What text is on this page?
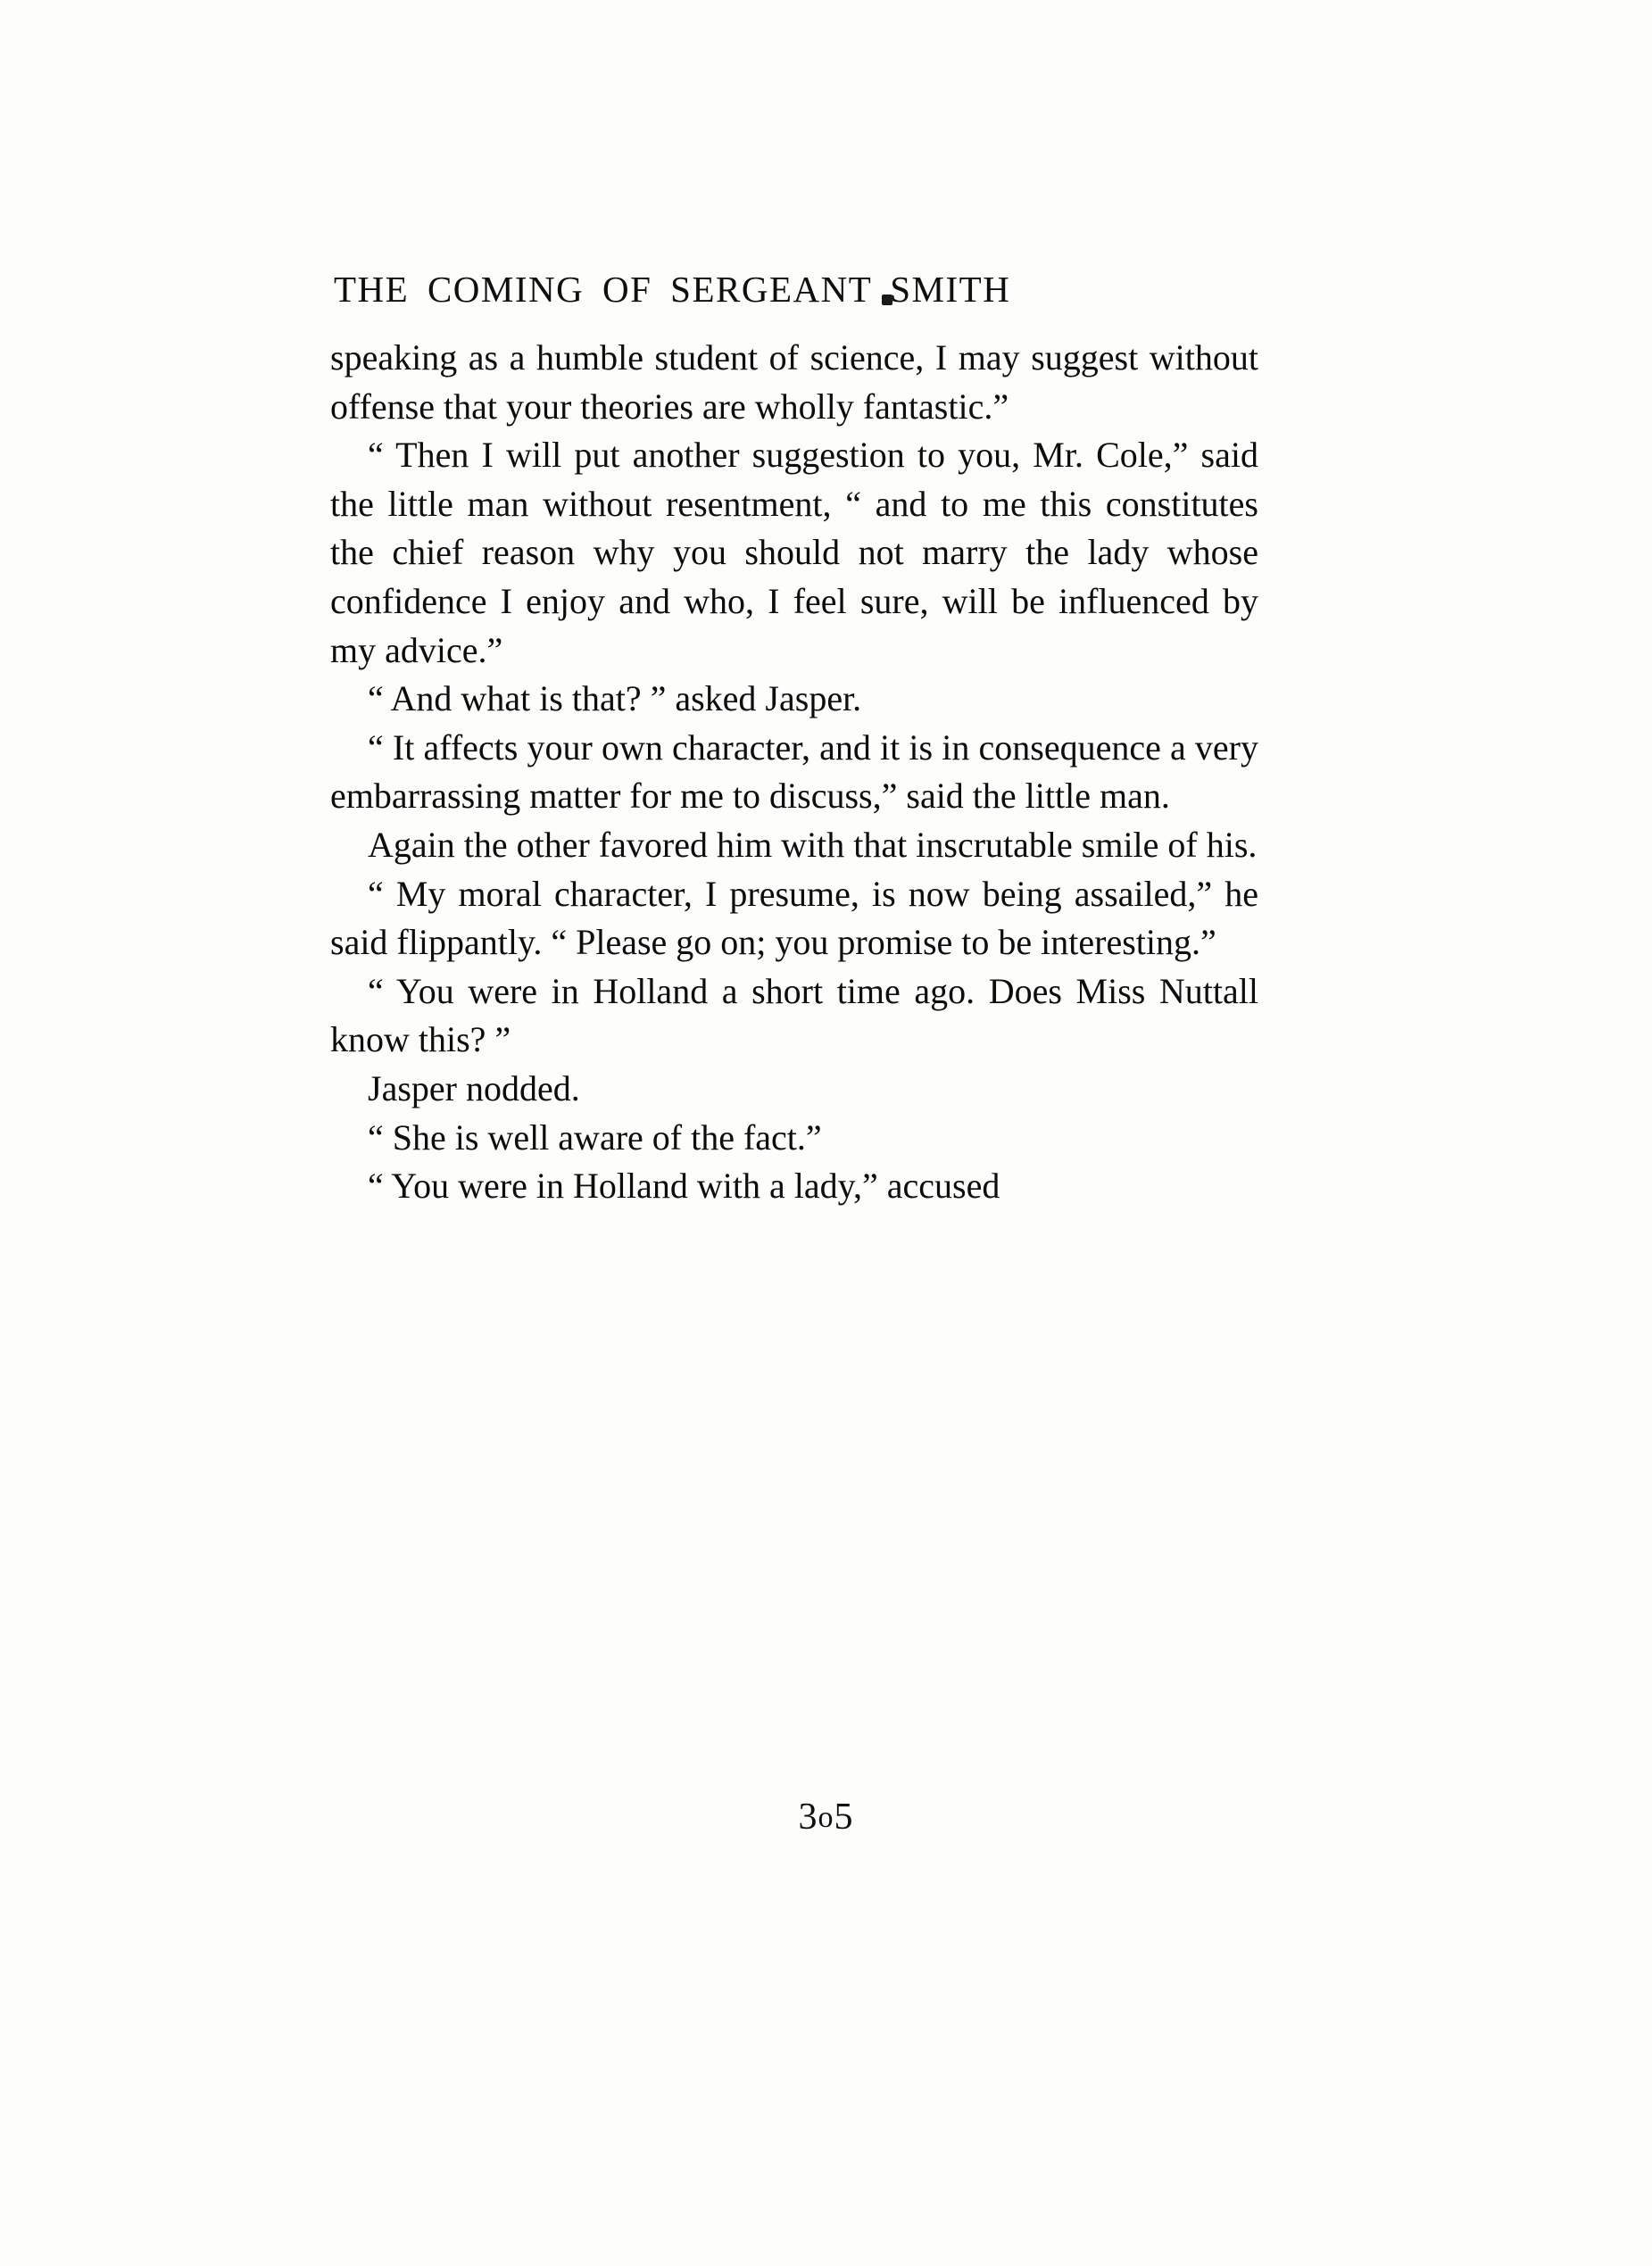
THE COMING OF SERGEANT SMITH

speaking as a humble student of science, I may suggest without offense that your theories are wholly fantastic.”

“ Then I will put another suggestion to you, Mr. Cole,” said the little man without resentment, “ and to me this constitutes the chief reason why you should not marry the lady whose confidence I enjoy and who, I feel sure, will be influenced by my advice.”

“ And what is that? ” asked Jasper.

“ It affects your own character, and it is in consequence a very embarrassing matter for me to discuss,” said the little man.

Again the other favored him with that inscrutable smile of his.

“ My moral character, I presume, is now being assailed,” he said flippantly. “ Please go on; you promise to be interesting.”

“ You were in Holland a short time ago. Does Miss Nuttall know this? ”

Jasper nodded.

“ She is well aware of the fact.”

“ You were in Holland with a lady,” accused

3o5
